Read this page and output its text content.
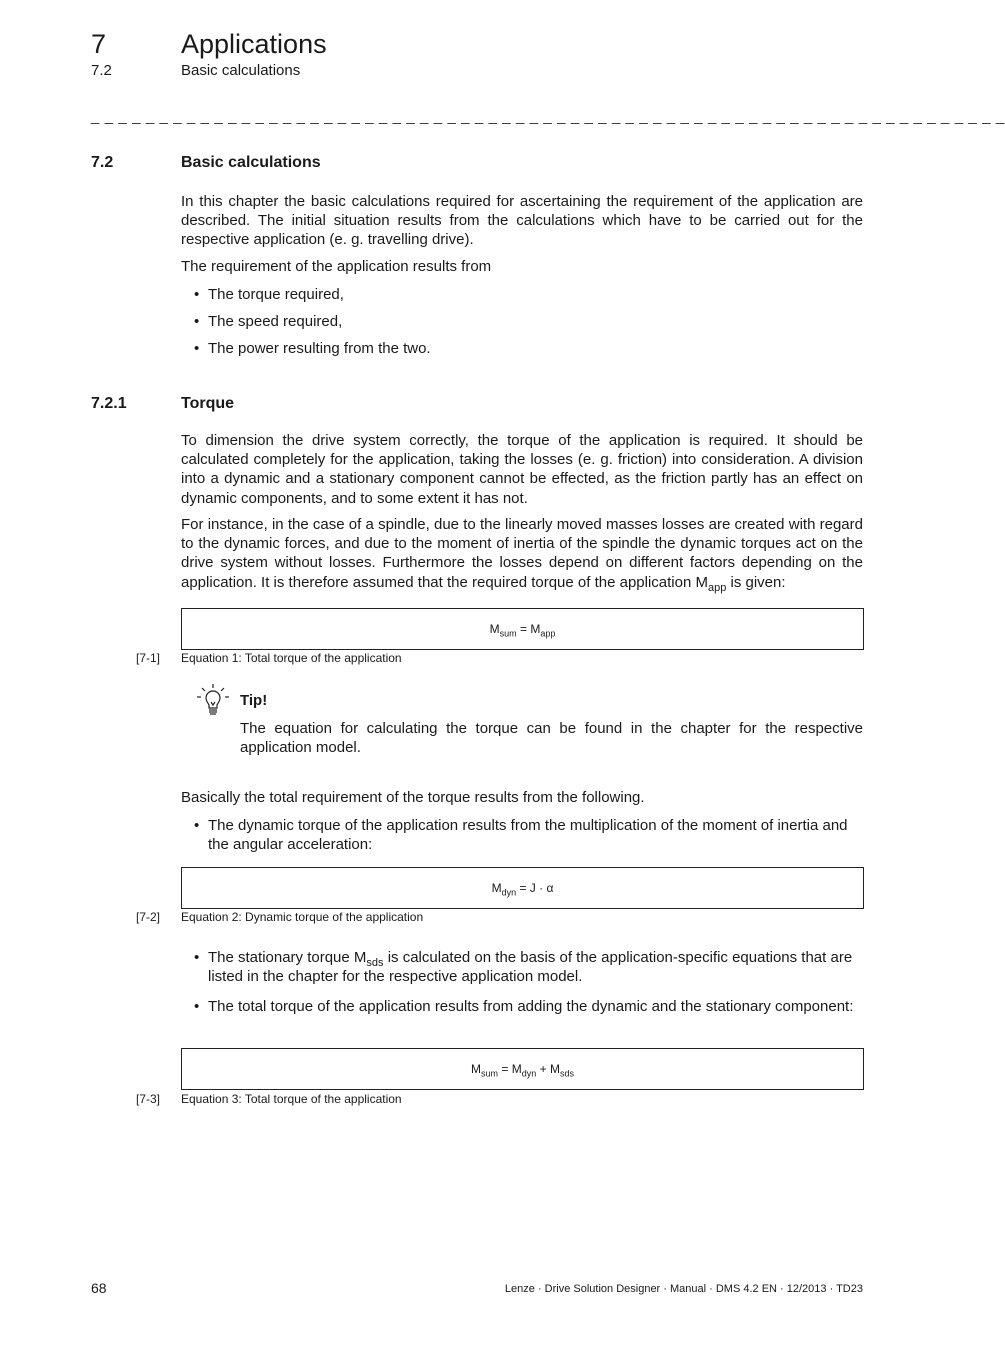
7	Applications
7.2	Basic calculations
_ _ _ _ _ _ _ _ _ _ _ _ _ _ _ _ _ _ _ _ _ _ _ _ _ _ _ _ _ _ _ _ _ _ _ _ _ _ _ _ _ _ _ _ _ _ _ _ _ _ _ _ _ _ _ _ _ _ _ _ _ _ _ _ _ _ _
7.2	Basic calculations
In this chapter the basic calculations required for ascertaining the requirement of the application are described. The initial situation results from the calculations which have to be carried out for the respective application (e. g. travelling drive).
The requirement of the application results from
• The torque required,
• The speed required,
• The power resulting from the two.
7.2.1	Torque
To dimension the drive system correctly, the torque of the application is required. It should be calculated completely for the application, taking the losses (e. g. friction) into consideration. A division into a dynamic and a stationary component cannot be effected, as the friction partly has an effect on dynamic components, and to some extent it has not.
For instance, in the case of a spindle, due to the linearly moved masses losses are created with regard to the dynamic forces, and due to the moment of inertia of the spindle the dynamic torques act on the drive system without losses. Furthermore the losses depend on different factors depending on the application. It is therefore assumed that the required torque of the application $M_{app}$ is given:
$M_{sum} = M_{app}$
[7-1] Equation 1: Total torque of the application
Tip!
The equation for calculating the torque can be found in the chapter for the respective application model.
Basically the total requirement of the torque results from the following.
• The dynamic torque of the application results from the multiplication of the moment of inertia and the angular acceleration:
$M_{dyn} = J \cdot \alpha$
[7-2] Equation 2: Dynamic torque of the application
• The stationary torque $M_{sds}$ is calculated on the basis of the application-specific equations that are listed in the chapter for the respective application model.
• The total torque of the application results from adding the dynamic and the stationary component:
$M_{sum} = M_{dyn} + M_{sds}$
[7-3] Equation 3: Total torque of the application
68	Lenze · Drive Solution Designer · Manual · DMS 4.2 EN · 12/2013 · TD23
